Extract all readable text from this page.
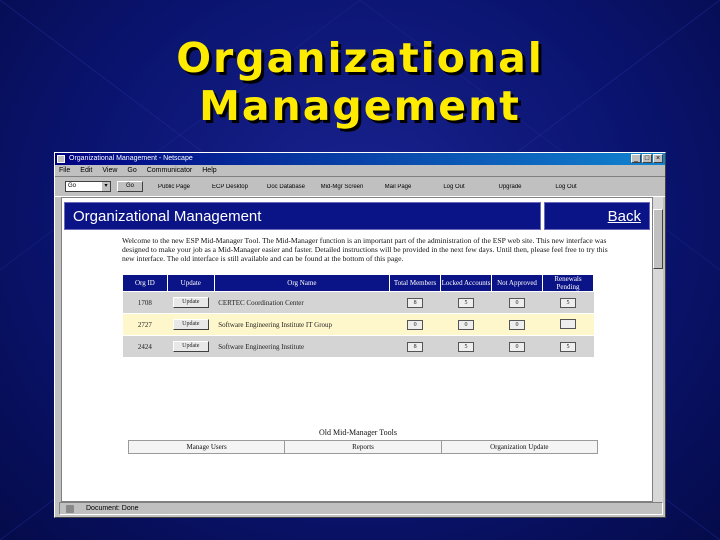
Organizational
Management
Organizational Management - Netscape	_ □ ×
File Edit View Go Communicator Help
Go	▾	Go	Public Page	ECP Desktop	Doc Database	Mid-Mgr Screen	Mail Page	Log Out	Upgrade	Log Out
Organizational Management	Back

Welcome to the new ESP Mid-Manager Tool. The Mid-Manager function is an important part of the administration of the ESP web site. This new interface was designed to make your job as a Mid-Manager easier and faster. Detailed instructions will be provided in the next few days. Until then, please feel free to try this new interface. The old interface is still available and can be found at the bottom of this page.

Org ID	Update	Org Name	Total Members	Locked Accounts	Not Approved	Renewals Pending
1708	Update	CERTEC Coordination Center	8	5	0	5
2727	Update	Software Engineering Institute IT Group	0	0	0	
2424	Update	Software Engineering Institute	8	5	0	5
Old Mid-Manager Tools
Manage Users	Reports	Organization Update
Document: Done
